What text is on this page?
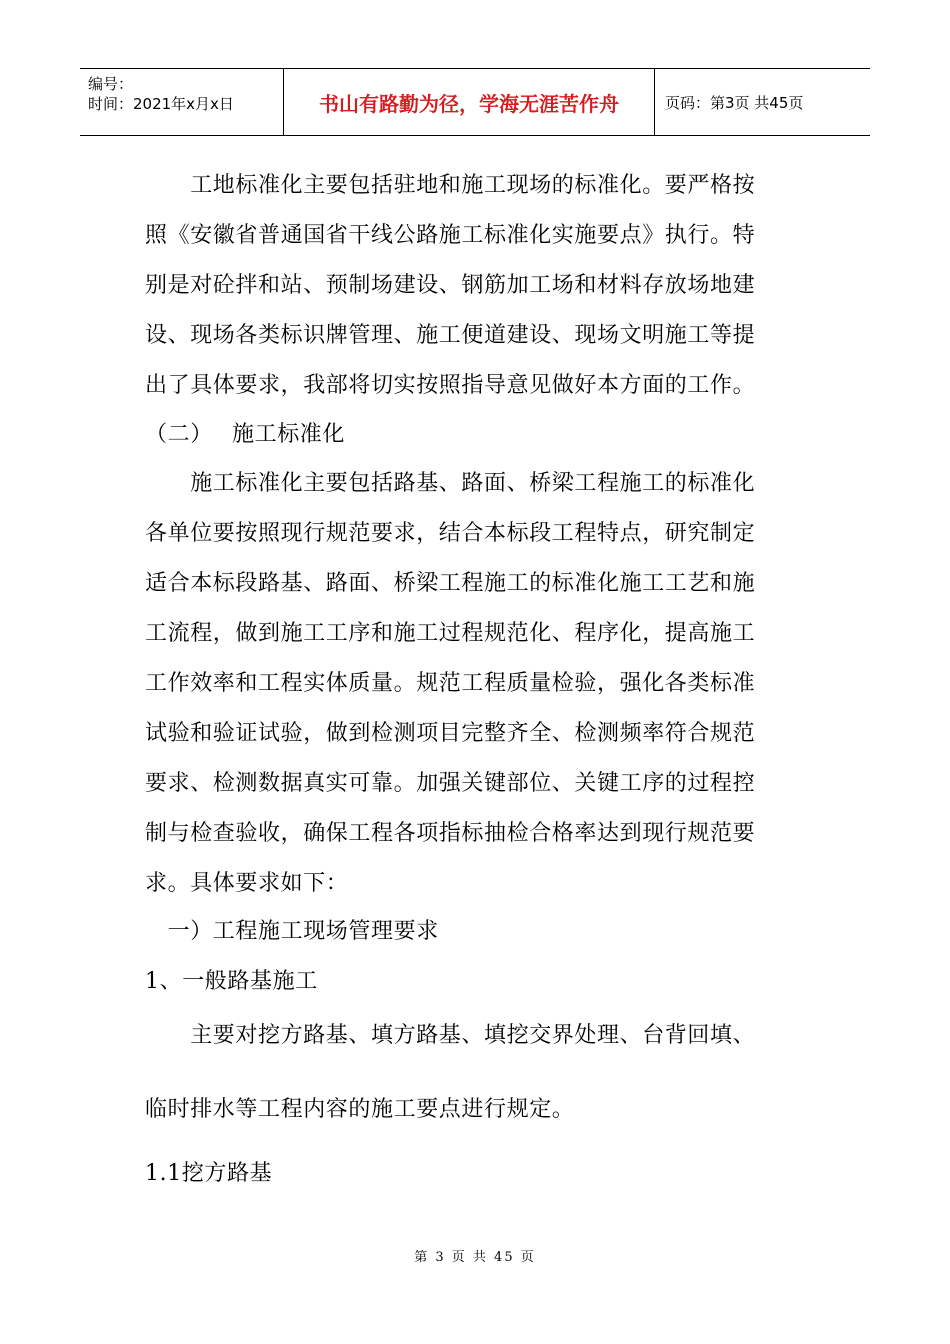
编号：
时间：2021年x月x日	书山有路勤为径，学海无涯苦作舟	页码：第3页 共45页
　　工地标准化主要包括驻地和施工现场的标准化。要严格按
照《安徽省普通国省干线公路施工标准化实施要点》执行。特
别是对砼拌和站、预制场建设、钢筋加工场和材料存放场地建
设、现场各类标识牌管理、施工便道建设、现场文明施工等提
出了具体要求，我部将切实按照指导意见做好本方面的工作。
（二）　 施工标准化
　　施工标准化主要包括路基、路面、桥梁工程施工的标准化
各单位要按照现行规范要求，结合本标段工程特点，研究制定
适合本标段路基、路面、桥梁工程施工的标准化施工工艺和施
工流程，做到施工工序和施工过程规范化、程序化，提高施工
工作效率和工程实体质量。规范工程质量检验，强化各类标准
试验和验证试验，做到检测项目完整齐全、检测频率符合规范
要求、检测数据真实可靠。加强关键部位、关键工序的过程控
制与检查验收，确保工程各项指标抽检合格率达到现行规范要
求。具体要求如下：
　一）工程施工现场管理要求
1、一般路基施工
　　主要对挖方路基、填方路基、填挖交界处理、台背回填、
临时排水等工程内容的施工要点进行规定。
1.1挖方路基
第 3 页 共 45 页
